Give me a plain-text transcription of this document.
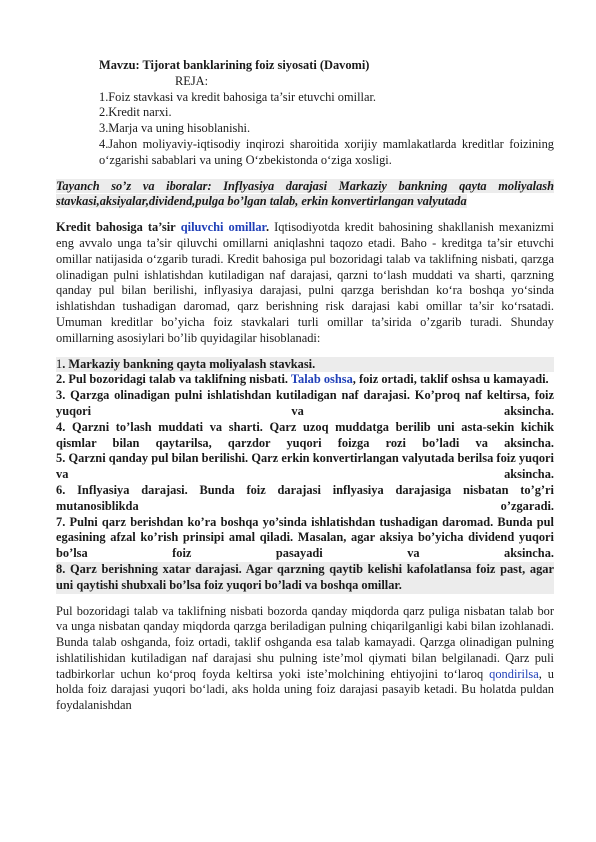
Mavzu: Tijorat banklarining foiz siyosati (Davomi)
REJA:
1.Foiz stavkasi va kredit bahosiga ta’sir etuvchi omillar.
2.Kredit narxi.
3.Marja va uning hisoblanishi.
4.Jahon moliyaviy-iqtisodiy inqirozi sharoitida xorijiy mamlakatlarda kreditlar foizining o‘zgarishi sabablari va uning O‘zbekistonda o‘ziga xosligi.
Tayanch so’z va iboralar: Inflyasiya darajasi Markaziy bankning qayta moliyalash stavkasi,aksiyalar,dividend,pulga bo’lgan talab, erkin konvertirlangan valyutada
Kredit bahosiga ta’sir qiluvchi omillar. Iqtisodiyotda kredit bahosining shakllanish mexanizmi eng avvalo unga ta’sir qiluvchi omillarni aniqlashni taqozo etadi. Baho - kreditga ta’sir etuvchi omillar natijasida o‘zgarib turadi. Kredit bahosiga pul bozoridagi talab va taklifning nisbati, qarzga olinadigan pulni ishlatishdan kutiladigan naf darajasi, qarzni to‘lash muddati va sharti, qarzning qanday pul bilan berilishi, inflyasiya darajasi, pulni qarzga berishdan ko‘ra boshqa yo‘sinda ishlatishdan tushadigan daromad, qarz berishning risk darajasi kabi omillar ta’sir ko‘rsatadi. Umuman kreditlar bo’yicha foiz stavkalari turli omillar ta’sirida o’zgarib turadi. Shunday omillarning asosiylari bo’lib quyidagilar hisoblanadi:
1. Markaziy bankning qayta moliyalash stavkasi.
2. Pul bozoridagi talab va taklifning nisbati. Talab oshsa, foiz ortadi, taklif oshsa u kamayadi.
3. Qarzga olinadigan pulni ishlatishdan kutiladigan naf darajasi. Ko’proq naf keltirsa, foiz yuqori va aksincha.
4. Qarzni to’lash muddati va sharti. Qarz uzoq muddatga berilib uni asta-sekin kichik qismlar bilan qaytarilsa, qarzdor yuqori foizga rozi bo’ladi va aksincha.
5. Qarzni qanday pul bilan berilishi. Qarz erkin konvertirlangan valyutada berilsa foiz yuqori va aksincha.
6. Inflyasiya darajasi. Bunda foiz darajasi inflyasiya darajasiga nisbatan to’g’ri mutanosiblikda o’zgaradi.
7. Pulni qarz berishdan ko’ra boshqa yo’sinda ishlatishdan tushadigan daromad. Bunda pul egasining afzal ko’rish prinsipi amal qiladi. Masalan, agar aksiya bo’yicha dividend yuqori bo’lsa foiz pasayadi va aksincha.
8. Qarz berishning xatar darajasi. Agar qarzning qaytib kelishi kafolatlansa foiz past, agar uni qaytishi shubxali bo’lsa foiz yuqori bo’ladi va boshqa omillar.
Pul bozoridagi talab va taklifning nisbati bozorda qanday miqdorda qarz puliga nisbatan talab bor va unga nisbatan qanday miqdorda qarzga beriladigan pulning chiqarilganligi kabi bilan izohlanadi. Bunda talab oshganda, foiz ortadi, taklif oshganda esa talab kamayadi. Qarzga olinadigan pulning ishlatilishidan kutiladigan naf darajasi shu pulning iste’mol qiymati bilan belgilanadi. Qarz puli tadbirkorlar uchun ko‘proq foyda keltirsa yoki iste’molchining ehtiyojini to‘laroq qondirilsa, u holda foiz darajasi yuqori bo‘ladi, aks holda uning foiz darajasi pasayib ketadi. Bu holatda puldan foydalanishdan
